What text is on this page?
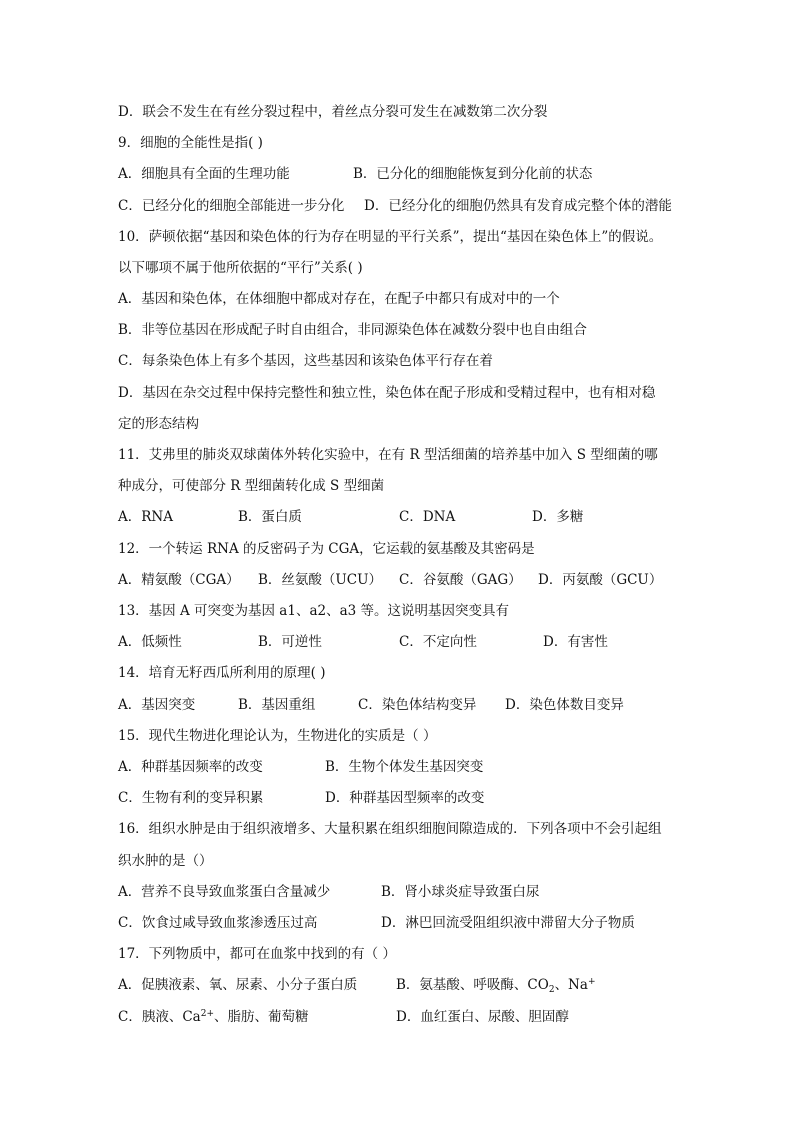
D．联会不发生在有丝分裂过程中，着丝点分裂可发生在减数第二次分裂
9．细胞的全能性是指( )
A．细胞具有全面的生理功能	B．已分化的细胞能恢复到分化前的状态
C．已经分化的细胞全部能进一步分化 D．已经分化的细胞仍然具有发育成完整个体的潜能
10．萨顿依据“基因和染色体的行为存在明显的平行关系”，提出“基因在染色体上”的假说。
以下哪项不属于他所依据的“平行”关系( )
A．基因和染色体，在体细胞中都成对存在，在配子中都只有成对中的一个
B．非等位基因在形成配子时自由组合，非同源染色体在减数分裂中也自由组合
C．每条染色体上有多个基因，这些基因和该染色体平行存在着
D．基因在杂交过程中保持完整性和独立性，染色体在配子形成和受精过程中，也有相对稳
定的形态结构
11．艾弗里的肺炎双球菌体外转化实验中，在有 R 型活细菌的培养基中加入 S 型细菌的哪
种成分，可使部分 R 型细菌转化成 S 型细菌
A．RNA	B．蛋白质	C．DNA	D．多糖
12．一个转运 RNA 的反密码子为 CGA，它运载的氨基酸及其密码是
A．精氨酸（CGA） B．丝氨酸（UCU） C．谷氨酸（GAG） D．丙氨酸（GCU）
13．基因 A 可突变为基因 a1、a2、a3 等。这说明基因突变具有
A．低频性	B．可逆性	C．不定向性	D．有害性
14．培育无籽西瓜所利用的原理( )
A．基因突变	B．基因重组	C．染色体结构变异 D．染色体数目变异
15．现代生物进化理论认为，生物进化的实质是（ ）
A．种群基因频率的改变	B．生物个体发生基因突变
C．生物有利的变异积累	D．种群基因型频率的改变
16．组织水肿是由于组织液增多、大量积累在组织细胞间隙造成的．下列各项中不会引起组
织水肿的是（）
A．营养不良导致血浆蛋白含量减少	B．肾小球炎症导致蛋白尿
C．饮食过咸导致血浆渗透压过高	D．淋巴回流受阻组织液中滞留大分子物质
17．下列物质中，都可在血浆中找到的有（ ）
A．促胰液素、氧、尿素、小分子蛋白质	B．氨基酸、呼吸酶、$CO_2$、Na+
C．胰液、$Ca^{2+}$、脂肪、葡萄糖	D．血红蛋白、尿酸、胆固醇
